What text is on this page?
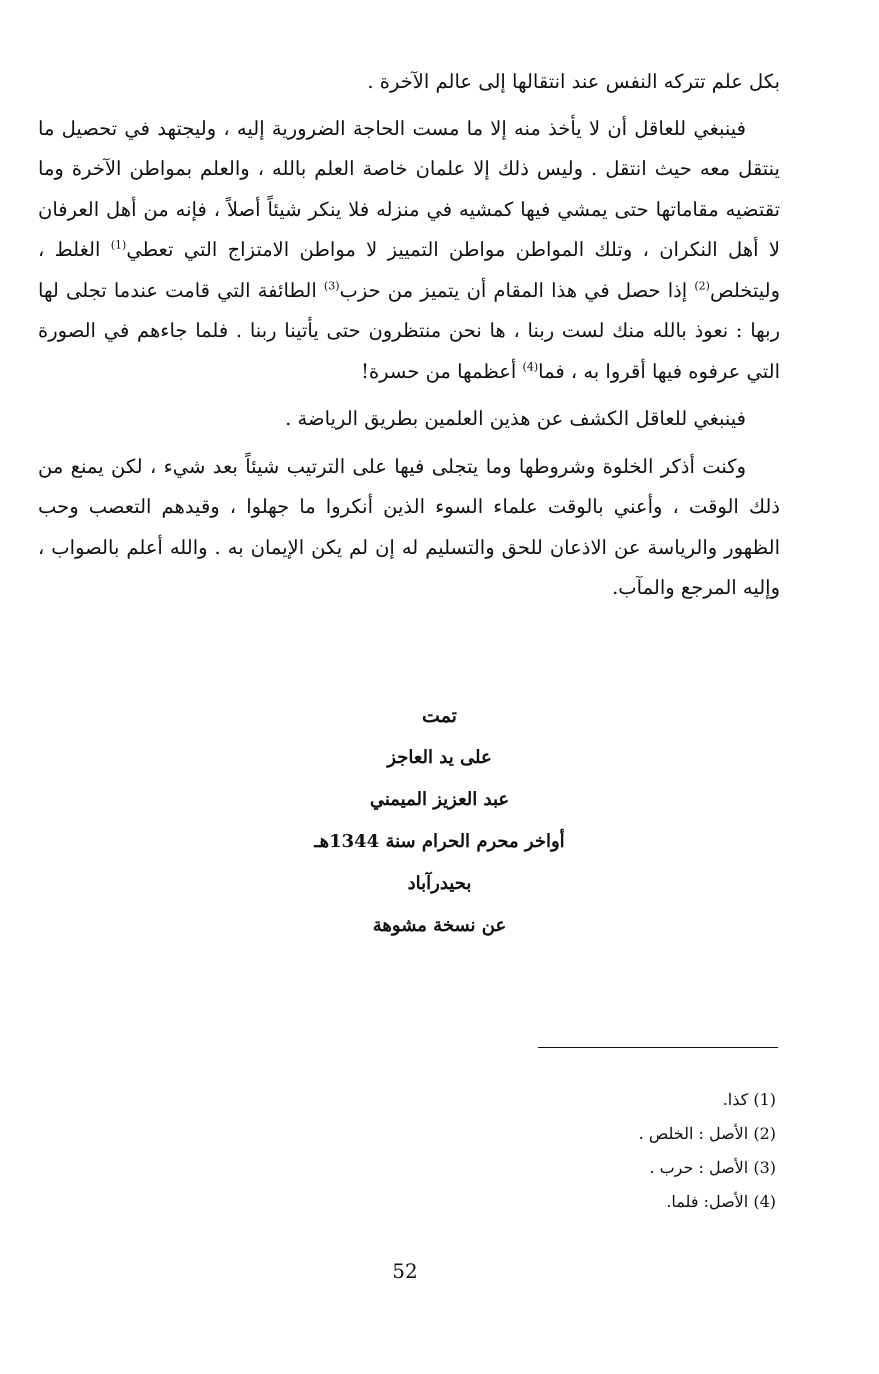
بكل علم تتركه النفس عند انتقالها إلى عالم الآخرة .

فينبغي للعاقل أن لا يأخذ منه إلا ما مست الحاجة الضرورية إليه ، وليجتهد في تحصيل ما ينتقل معه حيث انتقل . وليس ذلك إلا علمان خاصة العلم بالله ، والعلم بمواطن الآخرة وما تقتضيه مقاماتها حتى يمشي فيها كمشيه في منزله فلا ينكر شيئاً أصلاً ، فإنه من أهل العرفان لا أهل النكران ، وتلك المواطن مواطن التمييز لا مواطن الامتزاج التي تعطي$^{(1)}$ الغلط ، وليتخلص$^{(2)}$ إذا حصل في هذا المقام أن يتميز من حزب$^{(3)}$ الطائفة التي قامت عندما تجلى لها ربها : نعوذ بالله منك لست ربنا ، ها نحن منتظرون حتى يأتينا ربنا . فلما جاءهم في الصورة التي عرفوه فيها أقروا به ، فما$^{(4)}$ أعظمها من حسرة!

فينبغي للعاقل الكشف عن هذين العلمين بطريق الرياضة .

وكنت أذكر الخلوة وشروطها وما يتجلى فيها على الترتيب شيئاً بعد شيء ، لكن يمنع من ذلك الوقت ، وأعني بالوقت علماء السوء الذين أنكروا ما جهلوا ، وقيدهم التعصب وحب الظهور والرياسة عن الاذعان للحق والتسليم له إن لم يكن الإيمان به . والله أعلم بالصواب ، وإليه المرجع والمآب.

تمت
على يد العاجز
عبد العزيز الميمني
أواخر محرم الحرام سنة 1344هـ
بحيدرآباد
عن نسخة مشوهة
(1) كذا.
(2) الأصل : الخلص .
(3) الأصل : حرب .
(4) الأصل: فلما.
52
